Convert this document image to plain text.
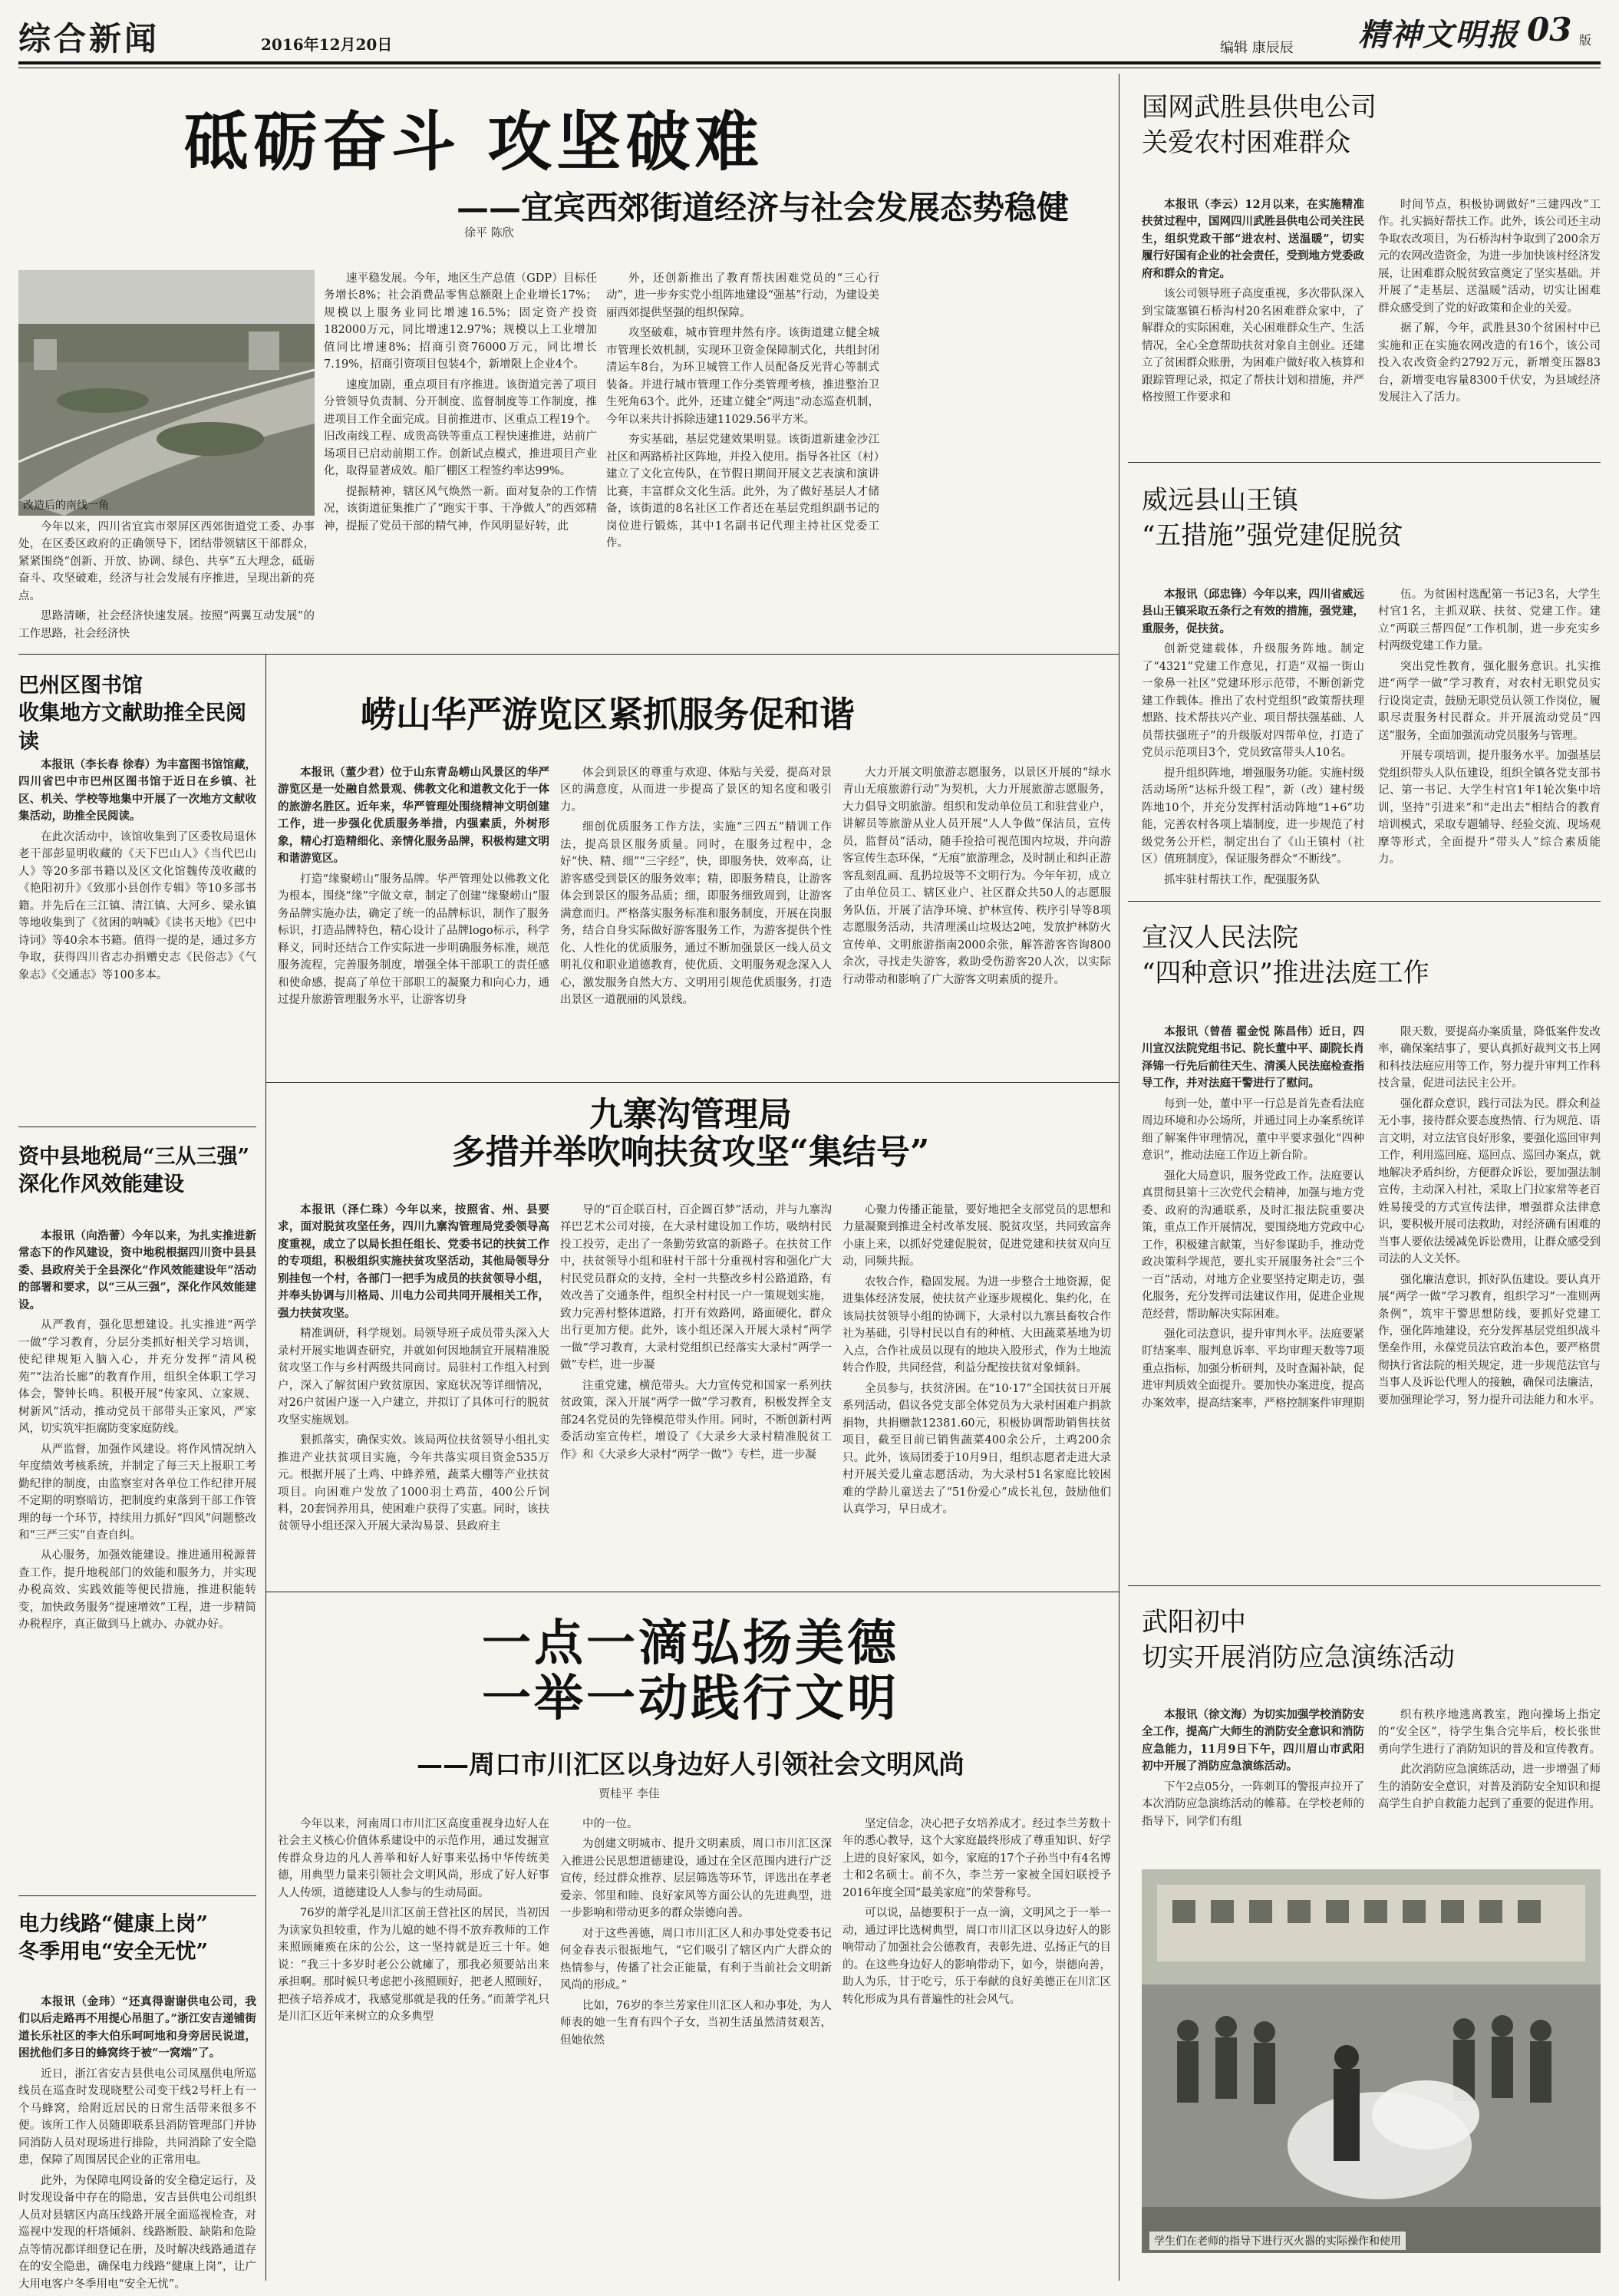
综合新闻	2016年12月20日	编辑 康辰辰 精神文明报 03 版
砥砺奋斗 攻坚破难
——宜宾西郊街道经济与社会发展态势稳健
徐平 陈欣
改造后的南线一角

今年以来，四川省宜宾市翠屏区西郊街道党工委、办事处，在区委区政府的正确领导下，团结带领辖区干部群众，紧紧围绕“创新、开放、协调、绿色、共享”五大理念，砥砺奋斗、攻坚破难，经济与社会发展有序推进，呈现出新的亮点。

思路清晰，社会经济快速发展。按照“两翼互动发展”的工作思路，社会经济快

速平稳发展。今年，地区生产总值（GDP）目标任务增长8%；社会消费品零售总额限上企业增长17%；规模以上服务业同比增速16.5%；固定资产投资182000万元，同比增速12.97%；规模以上工业增加值同比增速8%；招商引资76000万元，同比增长7.19%，招商引资项目包装4个，新增限上企业4个。

速度加剧，重点项目有序推进。该街道完善了项目分管领导负责制、分开制度、监督制度等工作制度，推进项目工作全面完成。目前推进市、区重点工程19个。旧改南线工程、成贵高铁等重点工程快速推进，站前广场项目已启动前期工作。创新试点模式，推进项目产业化，取得显著成效。船厂棚区工程签约率达99%。

提振精神，辖区风气焕然一新。面对复杂的工作情况，该街道征集推广了“跑实干事、干净做人”的西郊精神，提振了党员干部的精气神，作风明显好转，此

外，还创新推出了教育帮扶困难党员的“三心行动”，进一步夯实党小组阵地建设“强基”行动，为建设美丽西郊提供坚强的组织保障。

攻坚破难，城市管理井然有序。该街道建立健全城市管理长效机制，实现环卫资金保障制式化，共组封闭清运车8台，为环卫城管工作人员配备反光背心等制式装备。并进行城市管理工作分类管理考核，推进整治卫生死角63个。此外，还建立健全“两违”动态巡查机制，今年以来共计拆除违建11029.56平方米。

夯实基础，基层党建效果明显。该街道新建金沙江社区和两路桥社区阵地，并投入使用。指导各社区（村）建立了文化宣传队，在节假日期间开展文艺表演和演讲比赛，丰富群众文化生活。此外，为了做好基层人才储备，该街道的8名社区工作者还在基层党组织副书记的岗位进行锻炼，其中1名副书记代理主持社区党委工作。

国网武胜县供电公司
关爱农村困难群众

本报讯（李云）12月以来，在实施精准扶贫过程中，国网四川武胜县供电公司关注民生，组织党政干部“进农村、送温暖”，切实履行好国有企业的社会责任，受到地方党委政府和群众的肯定。

该公司领导班子高度重视，多次带队深入到宝箴塞镇石桥沟村20名困难群众家中，了解群众的实际困难，关心困难群众生产、生活情况，全心全意帮助扶贫对象自主创业。还建立了贫困群众账册，为困难户做好收入核算和跟踪管理记录，拟定了帮扶计划和措施，并严格按照工作要求和

时间节点，积极协调做好“三建四改”工作。扎实搞好帮扶工作。此外，该公司还主动争取农改项目，为石桥沟村争取到了200余万元的农网改造资金，为进一步加快该村经济发展，让困难群众脱贫致富奠定了坚实基础。并开展了“走基层、送温暖”活动，切实让困难群众感受到了党的好政策和企业的关爱。

据了解，今年，武胜县30个贫困村中已实施和正在实施农网改造的有16个，该公司投入农改资金约2792万元，新增变压器83台，新增变电容量8300千伏安，为县域经济发展注入了活力。

威远县山王镇
“五措施”强党建促脱贫

本报讯（邱忠锋）今年以来，四川省威远县山王镇采取五条行之有效的措施，强党建，重服务，促扶贫。

创新党建载体，升级服务阵地。制定了“4321”党建工作意见，打造“双福一街山一象鼻一社区”党建环形示范带，不断创新党建工作载体。推出了农村党组织“政策帮扶理想路、技术帮扶兴产业、项目帮扶强基础、人员帮扶强班子”的升级版对四帮单位，打造了党员示范项目3个，党员致富带头人10名。

提升组织阵地，增强服务功能。实施村级活动场所“达标升级工程”，新（改）建村级阵地10个，并充分发挥村活动阵地“1+6”功能，完善农村各项上墙制度，进一步规范了村级党务公开栏，制定出台了《山王镇村（社区）值班制度》，保证服务群众“不断线”。

抓牢驻村帮扶工作，配强服务队

伍。为贫困村选配第一书记3名，大学生村官1名，主抓双联、扶贫、党建工作。建立“两联三帮四促”工作机制，进一步充实乡村两级党建工作力量。

突出党性教育，强化服务意识。扎实推进“两学一做”学习教育，对农村无职党员实行设岗定责，鼓励无职党员认领工作岗位，履职尽责服务村民群众。并开展流动党员“四送”服务，全面加强流动党员服务与管理。

开展专项培训，提升服务水平。加强基层党组织带头人队伍建设，组织全镇各党支部书记、第一书记、大学生村官1年1轮次集中培训，坚持“引进来”和“走出去”相结合的教育培训模式，采取专题辅导、经验交流、现场观摩等形式，全面提升“带头人”综合素质能力。

宣汉人民法院
“四种意识”推进法庭工作

本报讯（曾蓓 翟金悦 陈昌伟）近日，四川宣汉法院党组书记、院长董中平、副院长肖泽锦一行先后前往天生、清溪人民法庭检查指导工作，并对法庭干警进行了慰问。

每到一处，董中平一行总是首先查看法庭周边环境和办公场所，并通过同上办案系统详细了解案件审理情况，董中平要求强化“四种意识”，推动法庭工作迈上新台阶。

强化大局意识，服务党政工作。法庭要认真贯彻县第十三次党代会精神，加强与地方党委、政府的沟通联系，及时汇报法院重要决策，重点工作开展情况，要围绕地方党政中心工作，积极建言献策，当好参谋助手，推动党政决策科学规范，要扎实开展服务社会“三个一百”活动，对地方企业要坚持定期走访，强化服务，充分发挥司法建议作用，促进企业规范经营，帮助解决实际困难。

强化司法意识，提升审判水平。法庭要紧盯结案率、服判息诉率、平均审理天数等7项重点指标，加强分析研判，及时查漏补缺，促进审判质效全面提升。要加快办案进度，提高办案效率，提高结案率，严格控制案件审理期

限天数，要提高办案质量，降低案件发改率，确保案结事了，要认真抓好裁判文书上网和科技法庭应用等工作，努力提升审判工作科技含量，促进司法民主公开。

强化群众意识，践行司法为民。群众利益无小事，接待群众要态度热情、行为规范、语言文明，对立法官良好形象，要强化巡回审判工作，利用巡回庭、巡回点、巡回办案点，就地解决矛盾纠纷，方便群众诉讼，要加强法制宣传，主动深入村社，采取上门拉家常等老百姓易接受的方式宣传法律，增强群众法律意识，要积极开展司法救助，对经济确有困难的当事人要依法缓减免诉讼费用，让群众感受到司法的人文关怀。

强化廉洁意识，抓好队伍建设。要认真开展“两学一做”学习教育，组织学习“一准则两条例”，筑牢干警思想防线，要抓好党建工作，强化阵地建设，充分发挥基层党组织战斗堡垒作用，永葆党员法官政治本色，要严格贯彻执行省法院的相关规定，进一步规范法官与当事人及诉讼代理人的接触，确保司法廉洁，要加强理论学习，努力提升司法能力和水平。

武阳初中
切实开展消防应急演练活动

本报讯（徐文海）为切实加强学校消防安全工作，提高广大师生的消防安全意识和消防应急能力，11月9日下午，四川眉山市武阳初中开展了消防应急演练活动。

下午2点05分，一阵刺耳的警报声拉开了本次消防应急演练活动的帷幕。在学校老师的指导下，同学们有组

织有秩序地逃离教室，跑向操场上指定的“安全区”，待学生集合完毕后，校长张世勇向学生进行了消防知识的普及和宣传教育。

此次消防应急演练活动，进一步增强了师生的消防安全意识，对普及消防安全知识和提高学生自护自救能力起到了重要的促进作用。

学生们在老师的指导下进行灭火器的实际操作和使用
巴州区图书馆
收集地方文献助推全民阅读

本报讯（李长春 徐春）为丰富图书馆馆藏，四川省巴中市巴州区图书馆于近日在乡镇、社区、机关、学校等地集中开展了一次地方文献收集活动，助推全民阅读。

在此次活动中，该馆收集到了区委牧局退休老干部彭显明收藏的《天下巴山人》《当代巴山人》等20多部书籍以及区文化馆魏传茂收藏的《艳阳初升》《致那小县创作专辑》等10多部书籍。并先后在三江镇、清江镇、大河乡、梁永镇等地收集到了《贫困的呐喊》《读书天地》《巴中诗词》等40余本书籍。值得一提的是，通过多方争取，获得四川省志办捐赠史志《民俗志》《气象志》《交通志》等100多本。

资中县地税局“三从三强”
深化作风效能建设

本报讯（向浩蕾）今年以来，为扎实推进新常态下的作风建设，资中地税根据四川资中县县委、县政府关于全县深化“作风效能建设年”活动的部署和要求，以“三从三强”，深化作风效能建设。

从严教育，强化思想建设。扎实推进“两学一做”学习教育，分层分类抓好相关学习培训，使纪律规矩入脑入心，并充分发挥“清风税苑”“法治长廊”的教育作用，组织全体职工学习体会，警钟长鸣。积极开展“传家风、立家规、树新风”活动，推动党员干部带头正家风，严家风，切实筑牢拒腐防变家庭防线。

从严监督，加强作风建设。将作风情况纳入年度绩效考核系统，并制定了每三天上报职工考勤纪律的制度，由监察室对各单位工作纪律开展不定期的明察暗访，把制度约束落到干部工作管理的每一个环节，持续用力抓好“四风”问题整改和“三严三实”自查自纠。

从心服务，加强效能建设。推进通用税源普查工作，提升地税部门的效能和服务力，并实现办税高效、实践效能等便民措施，推进积能转变，加快政务服务“提速增效”工程，进一步精简办税程序，真正做到马上就办、办就办好。

电力线路“健康上岗”
冬季用电“安全无忧”

本报讯（金玮）“还真得谢谢供电公司，我们以后走路再不用提心吊胆了。”浙江安吉递铺街道长乐社区的李大伯乐呵呵地和身旁居民说道，困扰他们多日的蜂窝终于被“一窝端”了。

近日，浙江省安吉县供电公司凤凰供电所巡线员在巡查时发现晓墅公司变干线2号杆上有一个马蜂窝，给附近居民的日常生活带来很多不便。该所工作人员随即联系县消防管理部门并协同消防人员对现场进行排险，共同消除了安全隐患，保障了周围居民企业的正常用电。

此外，为保障电网设备的安全稳定运行，及时发现设备中存在的隐患，安吉县供电公司组织人员对县辖区内高压线路开展全面巡视检查，对巡视中发现的杆塔倾斜、线路断股、缺陷和危险点等情况都详细登记在册，及时解决线路通道存在的安全隐患，确保电力线路“健康上岗”，让广大用电客户冬季用电“安全无忧”。

崂山华严游览区紧抓服务促和谐

本报讯（董少君）位于山东青岛崂山风景区的华严游览区是一处融自然景观、佛教文化和道教文化于一体的旅游名胜区。近年来，华严管理处围绕精神文明创建工作，进一步强化优质服务举措，内强素质，外树形象，精心打造精细化、亲情化服务品牌，积极构建文明和谐游览区。

打造“缘聚崂山”服务品牌。华严管理处以佛教文化为根本，围绕“缘”字做文章，制定了创建“缘聚崂山”服务品牌实施办法，确定了统一的品牌标识，制作了服务标识，打造品牌特色，精心设计了品牌logo标示，科学释义，同时还结合工作实际进一步明确服务标准，规范服务流程，完善服务制度，增强全体干部职工的责任感和使命感，提高了单位干部职工的凝聚力和向心力，通过提升旅游管理服务水平，让游客切身

体会到景区的尊重与欢迎、体贴与关爱，提高对景区的满意度，从而进一步提高了景区的知名度和吸引力。

细创优质服务工作方法，实施“三四五”精训工作法，提高景区服务质量。同时，在服务过程中，念好“快、精、细”“三字经”，快，即服务快，效率高，让游客感受到景区的服务效率；精，即服务精良，让游客体会到景区的服务品质；细，即服务细致周到，让游客满意而归。严格落实服务标准和服务制度，开展在岗服务，结合自身实际做好游客服务工作，为游客提供个性化、人性化的优质服务，通过不断加强景区一线人员文明礼仪和职业道德教育，使优质、文明服务观念深入人心，激发服务自然大方、文明用引规范优质服务，打造出景区一道靓丽的风景线。

大力开展文明旅游志愿服务，以景区开展的“绿水青山无痕旅游行动”为契机，大力开展旅游志愿服务，大力倡导文明旅游。组织和发动单位员工和驻营业户，讲解员等旅游从业人员开展“人人争做”保洁员，宣传员，监督员“活动，随手捡拾可视范围内垃圾，并向游客宣传生态环保，“无痕”旅游理念，及时制止和纠正游客乱刻乱画、乱扔垃圾等不文明行为。今年年初，成立了由单位员工、辖区业户、社区群众共50人的志愿服务队伍，开展了洁净环境、护林宣传、秩序引导等8项志愿服务活动，共清理溪山垃圾达2吨，发放护林防火宣传单、文明旅游指南2000余张，解答游客咨询800余次，寻找走失游客，救助受伤游客20人次，以实际行动带动和影响了广大游客文明素质的提升。

九寨沟管理局
多措并举吹响扶贫攻坚“集结号”

本报讯（泽仁珠）今年以来，按照省、州、县要求，面对脱贫攻坚任务，四川九寨沟管理局党委领导高度重视，成立了以局长担任组长、党委书记的扶贫工作的专项组，积极组织实施扶贫攻坚活动，其他局领导分别挂包一个村，各部门一把手为成员的扶贫领导小组，并奉头协调与川格局、川电力公司共同开展相关工作，强力扶贫攻坚。

精准调研，科学规划。局领导班子成员带头深入大录村开展实地调查研究，并就如何因地制宜开展精准脱贫攻坚工作与乡村两级共同商讨。局驻村工作组入村到户，深入了解贫困户致贫原因、家庭状况等详细情况，对26户贫困户逐一入户建立，并拟订了具体可行的脱贫攻坚实施规划。

狠抓落实，确保实效。该局两位扶贫领导小组扎实推进产业扶贫项目实施，今年共落实项目资金535万元。根据开展了土鸡、中蜂养殖，蔬菜大棚等产业扶贫项目。向困难户发放了1000羽土鸡苗，400公斤饲料，20套饲养用具，使困难户获得了实惠。同时，该扶贫领导小组还深入开展大录沟易景、县政府主

导的“百企联百村，百企圆百梦”活动，并与九寨沟祥巴艺术公司对接，在大录村建设加工作坊，吸纳村民投工投劳，走出了一条勤劳致富的新路子。在扶贫工作中，扶贫领导小组和驻村干部十分重视村容和强化广大村民党员群众的支持，全村一共整改乡村公路道路，有效改善了交通条件，组织全村村民一户一策规划实施，致力完善村整体道路，打开有效路网，路面硬化，群众出行更加方便。此外，该小组还深入开展大录村“两学一做”学习教育，大录村党组织已经落实大录村“两学一做”专栏，进一步凝

注重党建，横范带头。大力宣传党和国家一系列扶贫政策，深入开展“两学一做”学习教育，积极发挥全支部24名党员的先锋模范带头作用。同时，不断创新村两委活动室宣传栏，增设了《大录乡大录村精准脱贫工作》和《大录乡大录村“两学一做”》专栏，进一步凝

心聚力传播正能量，要好地把全支部党员的思想和力量凝聚到推进全村改革发展、脱贫攻坚，共同致富奔小康上来，以抓好党建促脱贫，促进党建和扶贫双向互动，同频共振。

农牧合作，稳固发展。为进一步整合土地资源，促进集体经济发展，使扶贫产业逐步规模化、集约化，在该局扶贫领导小组的协调下，大录村以九寨县畜牧合作社为基础，引导村民以自有的种植、大田蔬菜基地为切入点，合作社成员以现有的地块入股形式，作为土地流转合作股，共同经营，利益分配按扶贫对象倾斜。

全员参与，扶贫济困。在“10·17”全国扶贫日开展系列活动，倡议各党支部全体党员为大录村困难户捐款捐物，共捐赠款12381.60元，积极协调帮助销售扶贫项目，截至目前已销售蔬菜400余公斤，土鸡200余只。此外，该局团委于10月9日，组织志愿者走进大录村开展关爱儿童志愿活动，为大录村51名家庭比较困难的学龄儿童送去了“51份爱心”成长礼包，鼓励他们认真学习，早日成才。

一点一滴弘扬美德
一举一动践行文明
——周口市川汇区以身边好人引领社会文明风尚
贾桂平 李佳

今年以来，河南周口市川汇区高度重视身边好人在社会主义核心价值体系建设中的示范作用，通过发掘宣传群众身边的凡人善举和好人好事来弘扬中华传统美德，用典型力量来引领社会文明风尚，形成了好人好事人人传颂，道德建设人人参与的生动局面。

76岁的萧学礼是川汇区前王营社区的居民，当初因为读家负担较重，作为儿媳的她不得不放弃教师的工作来照顾瘫痪在床的公公，这一坚持就是近三十年。她说：“我三十多岁时老公公就瘫了，那我必须要站出来承担啊。那时候只考虑把小孩照顾好，把老人照顾好，把孩子培养成才，我感觉那就是我的任务。”而萧学礼只是川汇区近年来树立的众多典型

中的一位。

为创建文明城市、提升文明素质，周口市川汇区深入推进公民思想道德建设，通过在全区范围内进行广泛宣传，经过群众推荐、层层筛选等环节，评选出在孝老爱亲、邻里和睦、良好家风等方面公认的先进典型，进一步影响和带动更多的群众崇德向善。

对于这些善德，周口市川汇区人和办事处党委书记何金春表示很振地气，“它们吸引了辖区内广大群众的热情参与，传播了社会正能量，有利于当前社会文明新风尚的形成。”

比如，76岁的李兰芳家住川汇区人和办事处，为人师表的她一生育有四个子女，当初生活虽然清贫艰苦，但她依然

坚定信念，决心把子女培养成才。经过李兰芳数十年的悉心教导，这个大家庭最终形成了尊重知识、好学上进的良好家风，如今，家庭的17个子孙当中有4名博士和2名硕士。前不久，李兰芳一家被全国妇联授予2016年度全国“最美家庭”的荣誉称号。

可以说，品德要积于一点一滴，文明风之于一举一动，通过评比选树典型，周口市川汇区以身边好人的影响带动了加强社会公德教育，表彰先进、弘扬正气的目的。在这些身边好人的影响带动下，如今，崇德向善，助人为乐，甘于吃亏，乐于奉献的良好美德正在川汇区转化形成为具有普遍性的社会风气。
